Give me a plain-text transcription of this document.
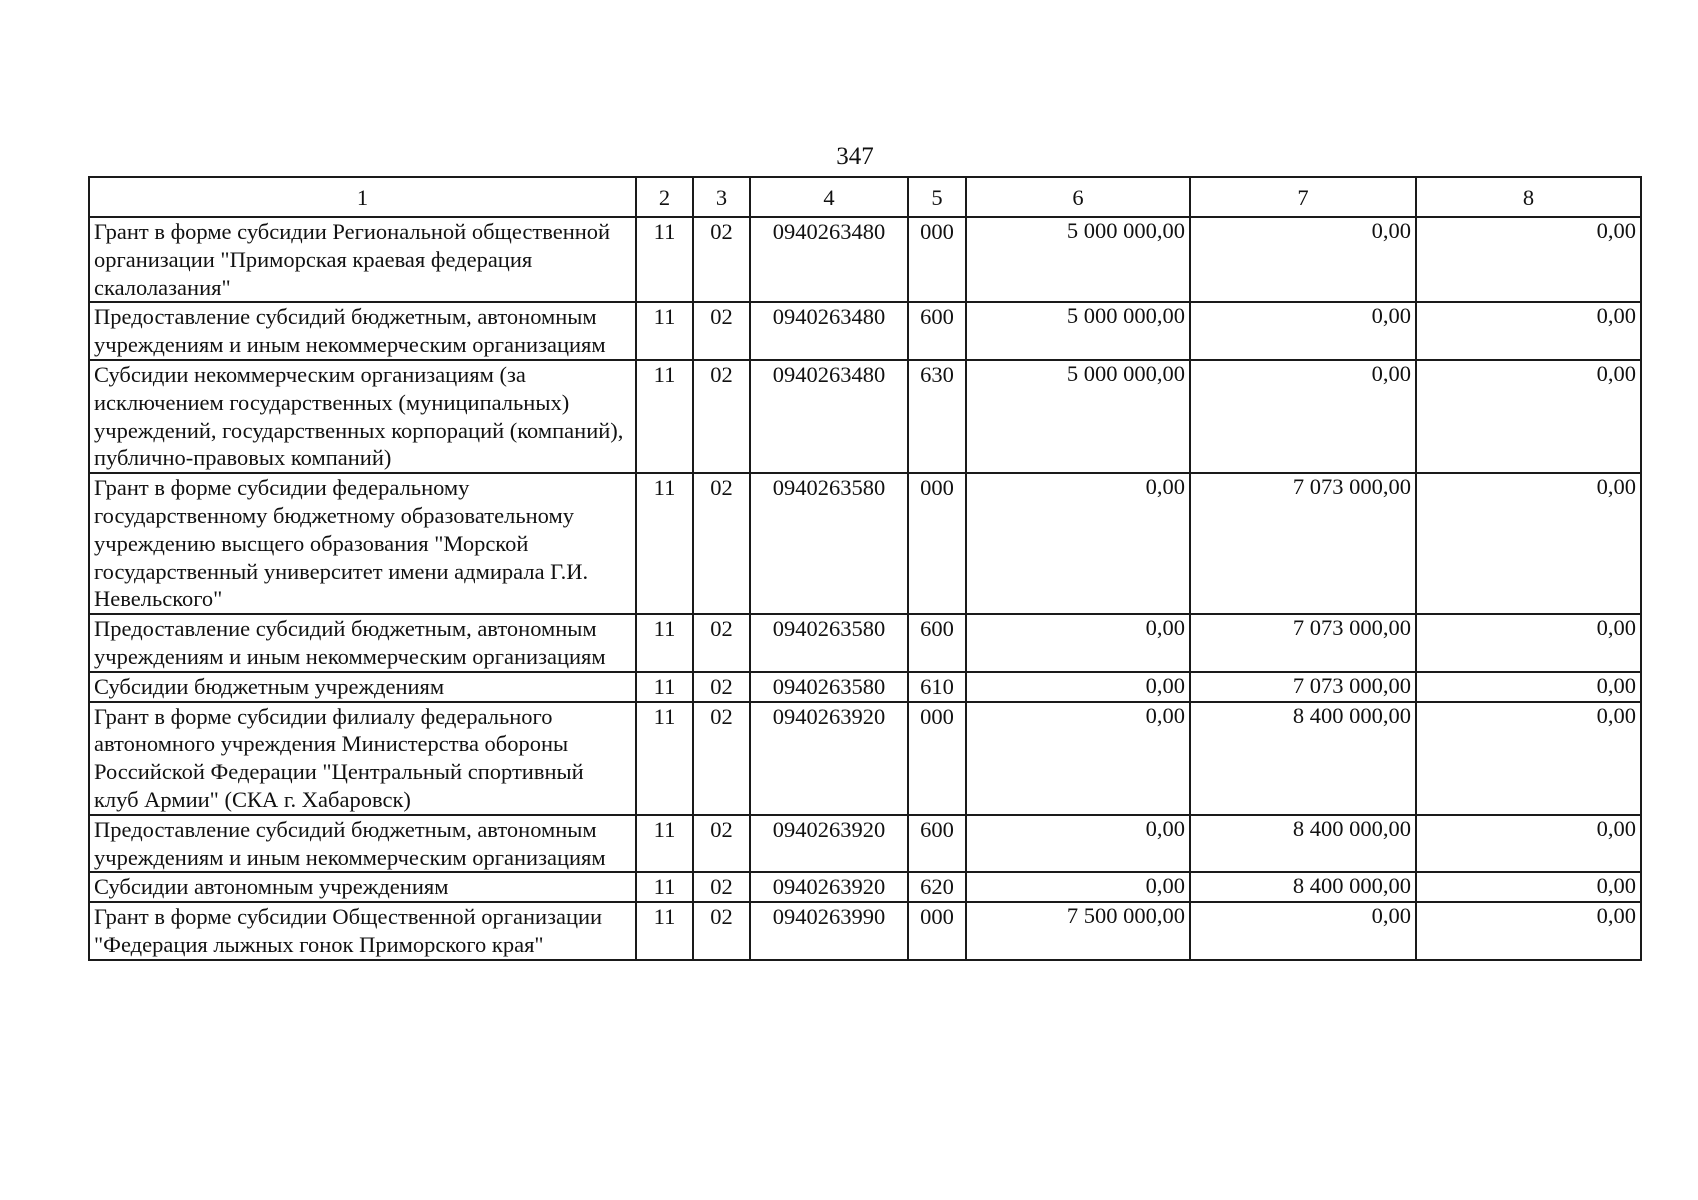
347
1	2	3	4	5	6	7	8
Грант в форме субсидии Региональной общественной организации "Приморская краевая федерация скалолазания"	11	02	0940263480	000	5 000 000,00	0,00	0,00

Предоставление субсидий бюджетным, автономным учреждениям и иным некоммерческим организациям	11	02	0940263480	600	5 000 000,00	0,00	0,00

Субсидии некоммерческим организациям (за исключением государственных (муниципальных) учреждений, государственных корпораций (компаний), публично-правовых компаний)	11	02	0940263480	630	5 000 000,00	0,00	0,00

Грант в форме субсидии федеральному государственному бюджетному образовательному учреждению высщего образования "Морской государственный университет имени адмирала Г.И. Невельского"	11	02	0940263580	000	0,00	7 073 000,00	0,00

Предоставление субсидий бюджетным, автономным учреждениям и иным некоммерческим организациям	11	02	0940263580	600	0,00	7 073 000,00	0,00

Субсидии бюджетным учреждениям	11	02	0940263580	610	0,00	7 073 000,00	0,00

Грант в форме субсидии филиалу федерального автономного учреждения Министерства обороны Российской Федерации "Центральный спортивный клуб Армии" (СКА г. Хабаровск)	11	02	0940263920	000	0,00	8 400 000,00	0,00

Предоставление субсидий бюджетным, автономным учреждениям и иным некоммерческим организациям	11	02	0940263920	600	0,00	8 400 000,00	0,00

Субсидии автономным учреждениям	11	02	0940263920	620	0,00	8 400 000,00	0,00

Грант в форме субсидии Общественной организации "Федерация лыжных гонок Приморского края"	11	02	0940263990	000	7 500 000,00	0,00	0,00
